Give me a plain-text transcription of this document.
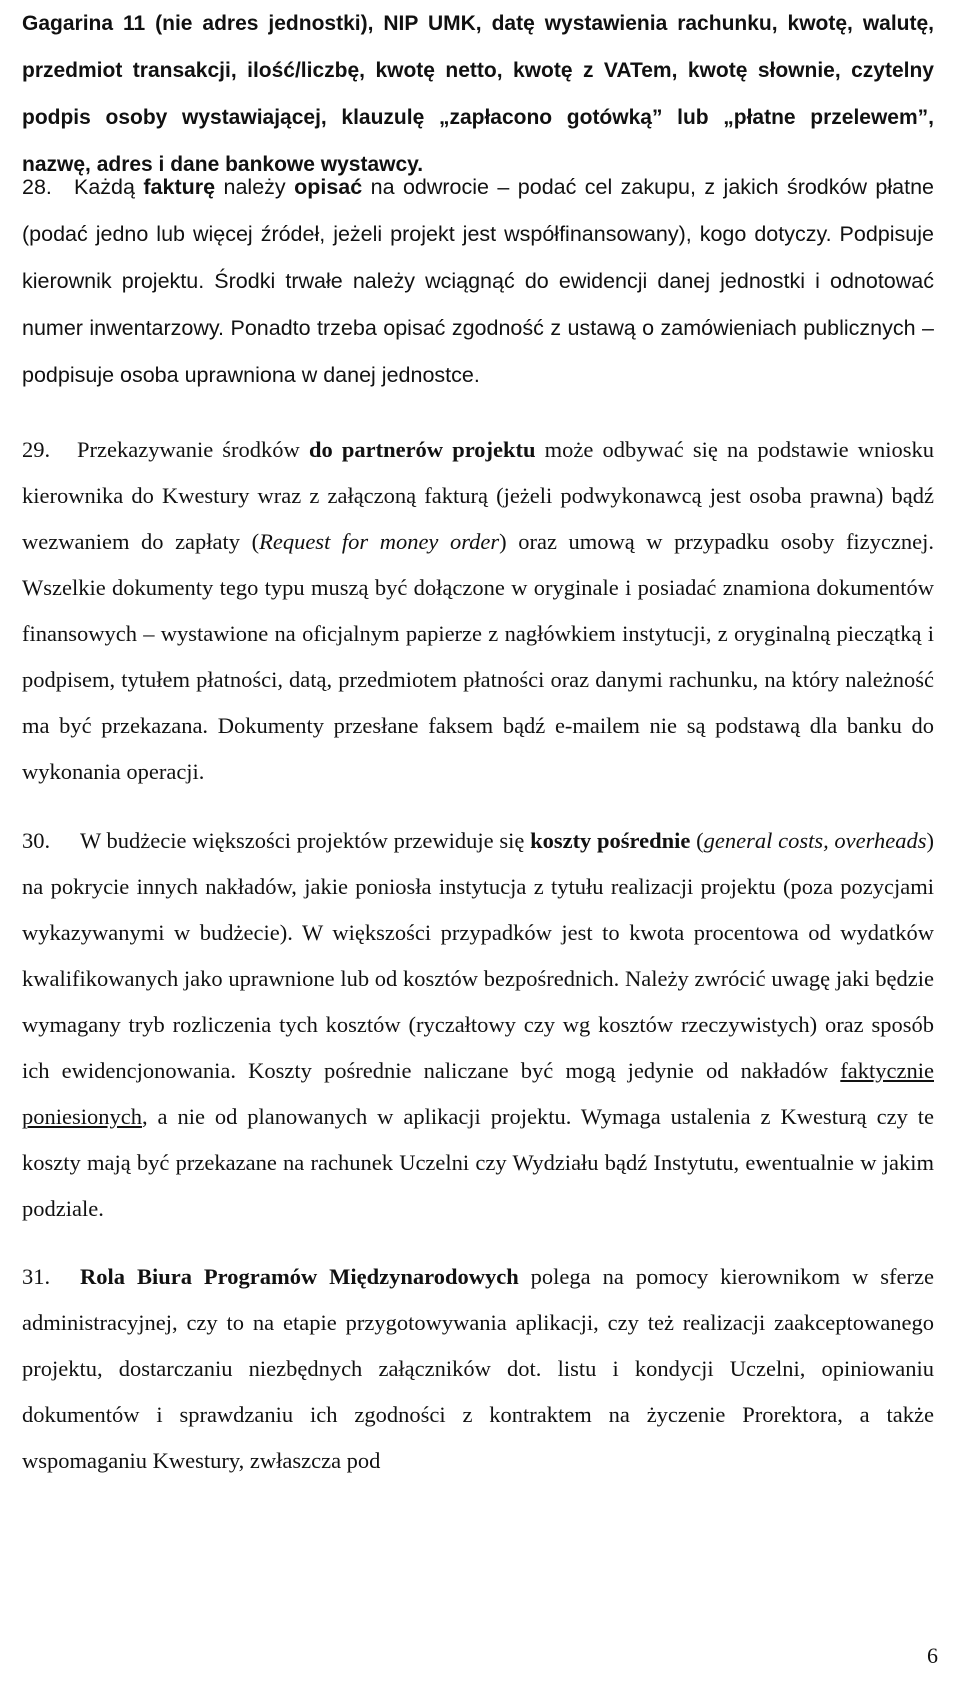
Gagarina 11 (nie adres jednostki), NIP UMK, datę wystawienia rachunku, kwotę, walutę, przedmiot transakcji, ilość/liczbę, kwotę netto, kwotę z VATem, kwotę słownie, czytelny podpis osoby wystawiającej, klauzulę „zapłacono gotówką” lub „płatne przelewem”, nazwę, adres i dane bankowe wystawcy.

28. Każdą fakturę należy opisać na odwrocie – podać cel zakupu, z jakich środków płatne (podać jedno lub więcej źródeł, jeżeli projekt jest współfinansowany), kogo dotyczy. Podpisuje kierownik projektu. Środki trwałe należy wciągnąć do ewidencji danej jednostki i odnotować numer inwentarzowy. Ponadto trzeba opisać zgodność z ustawą o zamówieniach publicznych – podpisuje osoba uprawniona w danej jednostce.

29. Przekazywanie środków do partnerów projektu może odbywać się na podstawie wniosku kierownika do Kwestury wraz z załączoną fakturą (jeżeli podwykonawcą jest osoba prawna) bądź wezwaniem do zapłaty (Request for money order) oraz umową w przypadku osoby fizycznej. Wszelkie dokumenty tego typu muszą być dołączone w oryginale i posiadać znamiona dokumentów finansowych – wystawione na oficjalnym papierze z nagłówkiem instytucji, z oryginalną pieczątką i podpisem, tytułem płatności, datą, przedmiotem płatności oraz danymi rachunku, na który należność ma być przekazana. Dokumenty przesłane faksem bądź e-mailem nie są podstawą dla banku do wykonania operacji.

30. W budżecie większości projektów przewiduje się koszty pośrednie (general costs, overheads) na pokrycie innych nakładów, jakie poniosła instytucja z tytułu realizacji projektu (poza pozycjami wykazywanymi w budżecie). W większości przypadków jest to kwota procentowa od wydatków kwalifikowanych jako uprawnione lub od kosztów bezpośrednich. Należy zwrócić uwagę jaki będzie wymagany tryb rozliczenia tych kosztów (ryczałtowy czy wg kosztów rzeczywistych) oraz sposób ich ewidencjonowania. Koszty pośrednie naliczane być mogą jedynie od nakładów faktycznie poniesionych, a nie od planowanych w aplikacji projektu. Wymaga ustalenia z Kwesturą czy te koszty mają być przekazane na rachunek Uczelni czy Wydziału bądź Instytutu, ewentualnie w jakim podziale.

31. Rola Biura Programów Międzynarodowych polega na pomocy kierownikom w sferze administracyjnej, czy to na etapie przygotowywania aplikacji, czy też realizacji zaakceptowanego projektu, dostarczaniu niezbędnych załączników dot. listu i kondycji Uczelni, opiniowaniu dokumentów i sprawdzaniu ich zgodności z kontraktem na życzenie Prorektora, a także wspomaganiu Kwestury, zwłaszcza pod

6
